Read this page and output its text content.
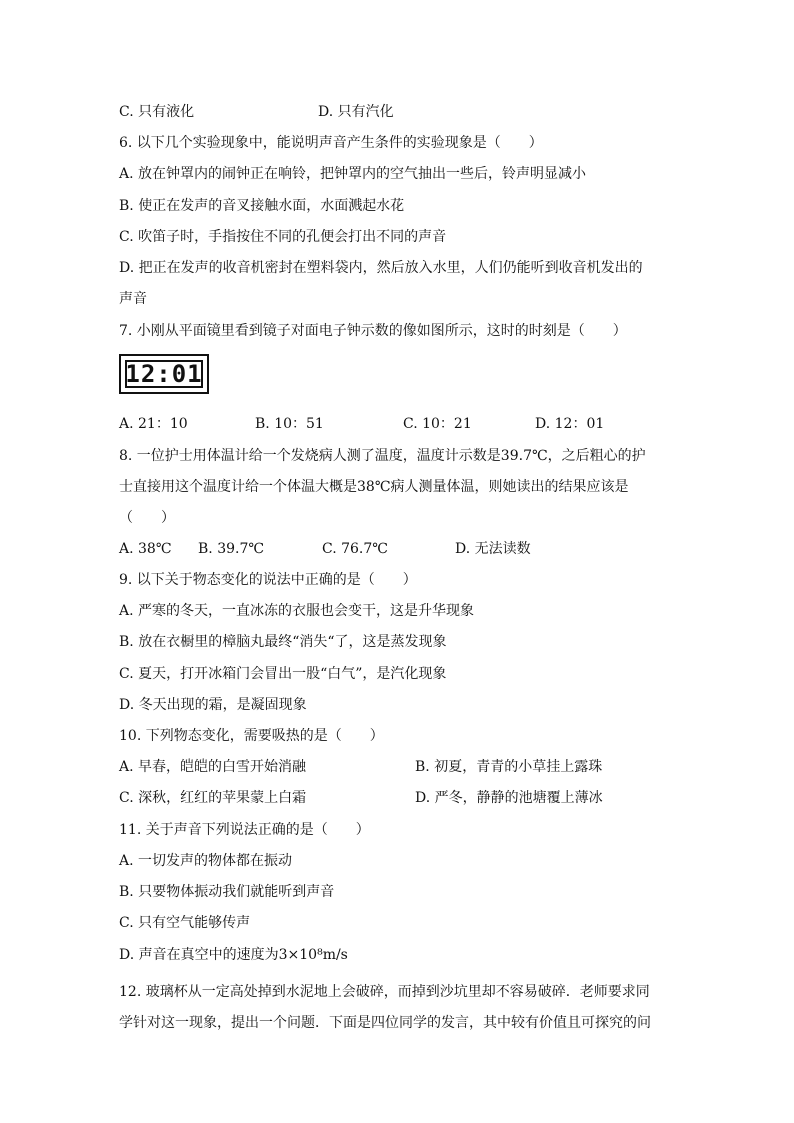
C. 只有液化	D. 只有汽化
6. 以下几个实验现象中，能说明声音产生条件的实验现象是（　　）
A. 放在钟罩内的闹钟正在响铃，把钟罩内的空气抽出一些后，铃声明显减小
B. 使正在发声的音叉接触水面，水面溅起水花
C. 吹笛子时，手指按住不同的孔便会打出不同的声音
D. 把正在发声的收音机密封在塑料袋内，然后放入水里，人们仍能听到收音机发出的
声音
7. 小刚从平面镜里看到镜子对面电子钟示数的像如图所示，这时的时刻是（　　）
12:01
A. 21：10	B. 10：51	C. 10：21	D. 12：01
8. 一位护士用体温计给一个发烧病人测了温度，温度计示数是39.7℃，之后粗心的护
士直接用这个温度计给一个体温大概是38℃病人测量体温，则她读出的结果应该是
（　　）
A. 38℃ B. 39.7℃	C. 76.7℃	D. 无法读数
9. 以下关于物态变化的说法中正确的是（　　）
A. 严寒的冬天，一直冰冻的衣服也会变干，这是升华现象
B. 放在衣橱里的樟脑丸最终“消失“了，这是蒸发现象
C. 夏天，打开冰箱门会冒出一股“白气”，是汽化现象
D. 冬天出现的霜，是凝固现象
10. 下列物态变化，需要吸热的是（　　）
A. 早春，皑皑的白雪开始消融	B. 初夏，青青的小草挂上露珠
C. 深秋，红红的苹果蒙上白霜	D. 严冬，静静的池塘覆上薄冰
11. 关于声音下列说法正确的是（　　）
A. 一切发声的物体都在振动
B. 只要物体振动我们就能听到声音
C. 只有空气能够传声
D. 声音在真空中的速度为3×10⁸m/s
12. 玻璃杯从一定高处掉到水泥地上会破碎，而掉到沙坑里却不容易破碎．老师要求同
学针对这一现象，提出一个问题．下面是四位同学的发言，其中较有价值且可探究的问
